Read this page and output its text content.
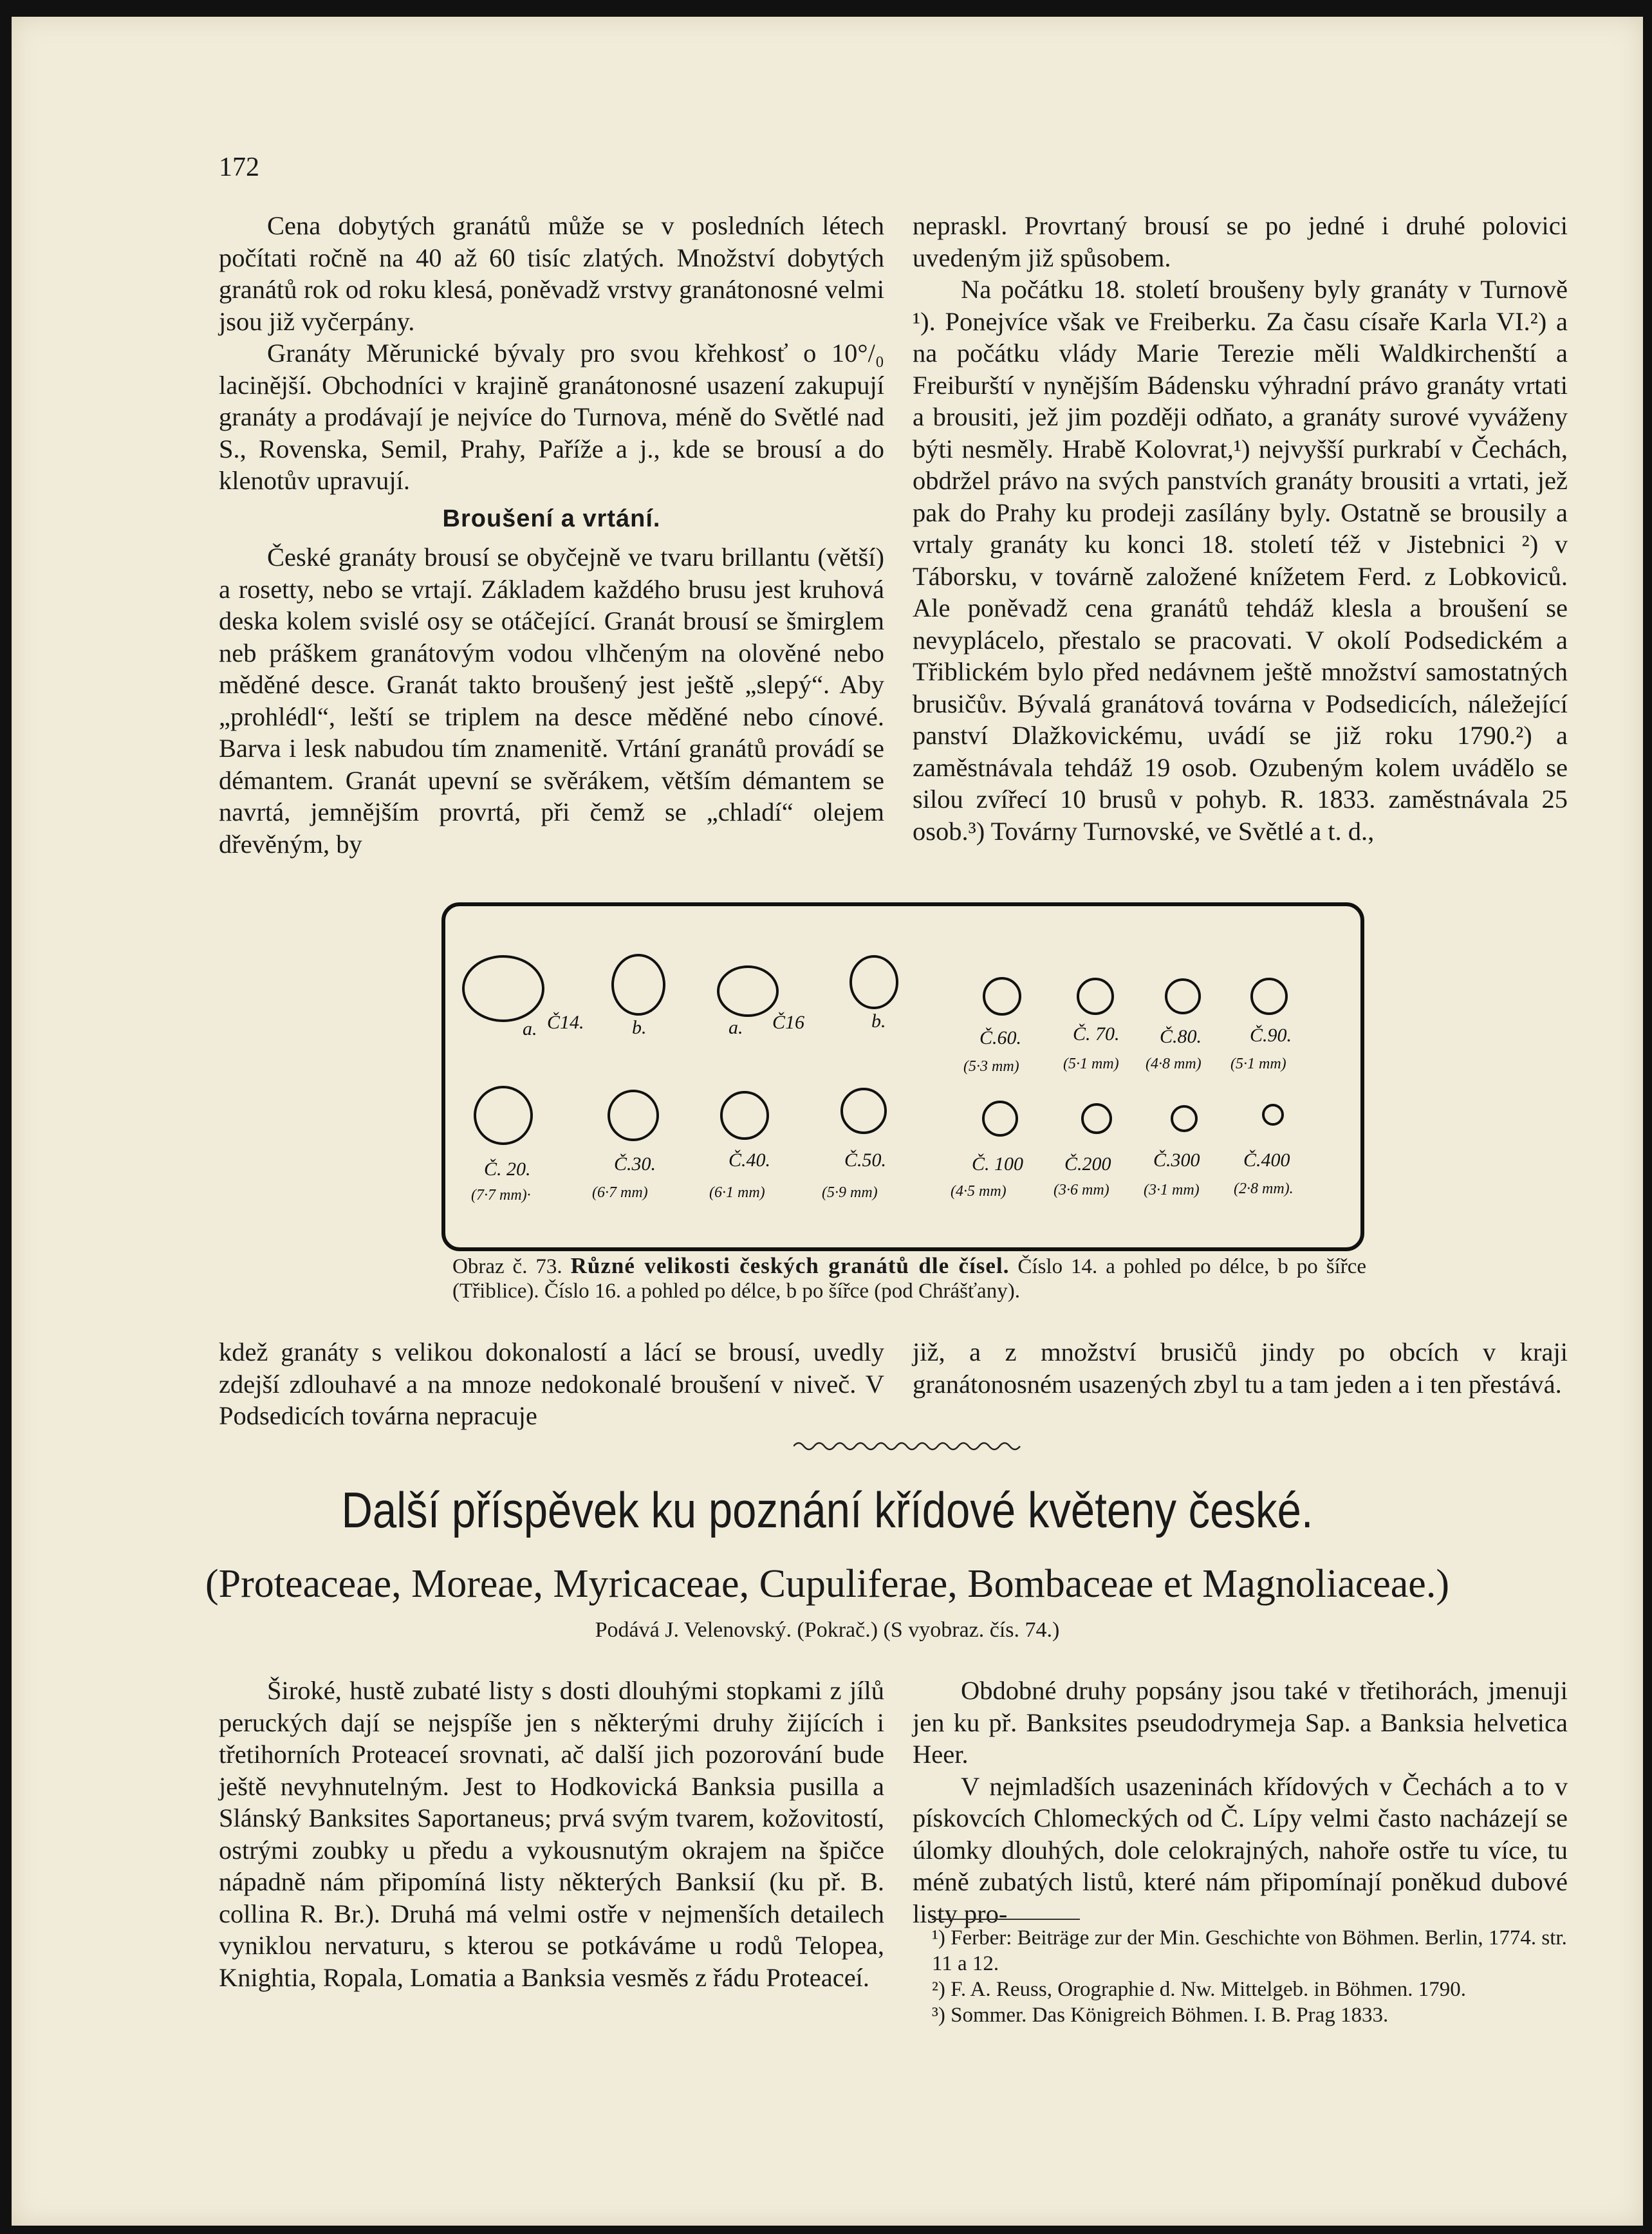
172

Cena dobytých granátů může se v posledních létech počítati ročně na 40 až 60 tisíc zlatých. Množství dobytých granátů rok od roku klesá, poněvadž vrstvy granátonosné velmi jsou již vyčerpány.

Granáty Měrunické bývaly pro svou křehkosť o 10°/₀ lacinější. Obchodníci v krajině granátonosné usazení zakupují granáty a prodávají je nejvíce do Turnova, méně do Světlé nad S., Rovenska, Semil, Prahy, Paříže a j., kde se brousí a do klenotův upravují.

Broušení a vrtání.

České granáty brousí se obyčejně ve tvaru brillantu (větší) a rosetty, nebo se vrtají. Základem každého brusu jest kruhová deska kolem svislé osy se otáčející. Granát brousí se šmirglem neb práškem granátovým vodou vlhčeným na olověné nebo měděné desce. Granát takto broušený jest ještě „slepý“. Aby „prohlédl“, leští se triplem na desce měděné nebo cínové. Barva i lesk nabudou tím znamenitě. Vrtání granátů provádí se démantem. Granát upevní se svěrákem, větším démantem se navrtá, jemnějším provrtá, při čemž se „chladí“ olejem dřevěným, by

nepraskl. Provrtaný brousí se po jedné i druhé polovici uvedeným již spůsobem.

Na počátku 18. století broušeny byly granáty v Turnově ¹). Ponejvíce však ve Freiberku. Za času císaře Karla VI.²) a na počátku vlády Marie Terezie měli Waldkirchenští a Freiburští v nynějším Bádensku výhradní právo granáty vrtati a brousiti, jež jim později odňato, a granáty surové vyváženy býti nesměly. Hrabě Kolovrat,¹) nejvyšší purkrabí v Čechách, obdržel právo na svých panstvích granáty brousiti a vrtati, jež pak do Prahy ku prodeji zasílány byly. Ostatně se brousily a vrtaly granáty ku konci 18. století též v Jistebnici ²) v Táborsku, v továrně založené knížetem Ferd. z Lobkoviců. Ale poněvadž cena granátů tehdáž klesla a broušení se nevyplácelo, přestalo se pracovati. V okolí Podsedickém a Třiblickém bylo před nedávnem ještě množství samostatných brusičův. Bývalá granátová továrna v Podsedicích, náležející panství Dlažkovickému, uvádí se již roku 1790.²) a zaměstnávala tehdáž 19 osob. Ozubeným kolem uvádělo se silou zvířecí 10 brusů v pohyb. R. 1833. zaměstnávala 25 osob.³) Továrny Turnovské, ve Světlé a t. d.,

a. Č14. b.	a. Č16	b.
Č.60.	Č. 70. Č.80. Č.90.
(5·3 mm)	(5·1 mm) (4·8 mm) (5·1 mm)
Č. 20.	Č.30.	Č.40.	Č.50.	Č. 100 Č.200 Č.300 Č.400
(7·7 mm)·	(6·7 mm)	(6·1 mm)	(5·9 mm)	(4·5 mm)	(3·6 mm) (3·1 mm) (2·8 mm).
Obraz č. 73. Různé velikosti českých granátů dle čísel. Číslo 14. a pohled po délce, b po šířce (Třiblice). Číslo 16. a pohled po délce, b po šířce (pod Chrášťany).

kdež granáty s velikou dokonalostí a lácí se brousí, uvedly zdejší zdlouhavé a na mnoze nedokonalé broušení v niveč. V Podsedicích továrna nepracuje

již, a z množství brusičů jindy po obcích v kraji granátonosném usazených zbyl tu a tam jeden a i ten přestává.

Další příspěvek ku poznání křídové květeny české.
(Proteaceae, Moreae, Myricaceae, Cupuliferae, Bombaceae et Magnoliaceae.)
Podává J. Velenovský. (Pokrač.) (S vyobraz. čís. 74.)

Široké, hustě zubaté listy s dosti dlouhými stopkami z jílů peruckých dají se nejspíše jen s některými druhy žijících i třetihorních Proteaceí srovnati, ač další jich pozorování bude ještě nevyhnutelným. Jest to Hodkovická Banksia pusilla a Slánský Banksites Saportaneus; prvá svým tvarem, kožovitostí, ostrými zoubky u předu a vykousnutým okrajem na špičce nápadně nám připomíná listy některých Banksií (ku př. B. collina R. Br.). Druhá má velmi ostře v nejmenších detailech vyniklou nervaturu, s kterou se potkáváme u rodů Telopea, Knightia, Ropala, Lomatia a Banksia vesměs z řádu Proteaceí.

Obdobné druhy popsány jsou také v třetihorách, jmenuji jen ku př. Banksites pseudodrymeja Sap. a Banksia helvetica Heer.

V nejmladších usazeninách křídových v Čechách a to v pískovcích Chlomeckých od Č. Lípy velmi často nacházejí se úlomky dlouhých, dole celokrajných, nahoře ostře tu více, tu méně zubatých listů, které nám připomínají poněkud dubové listy pro-

¹) Ferber: Beiträge zur der Min. Geschichte von Böhmen. Berlin, 1774. str. 11 a 12.
²) F. A. Reuss, Orographie d. Nw. Mittelgeb. in Böhmen. 1790.
³) Sommer. Das Königreich Böhmen. I. B. Prag 1833.
